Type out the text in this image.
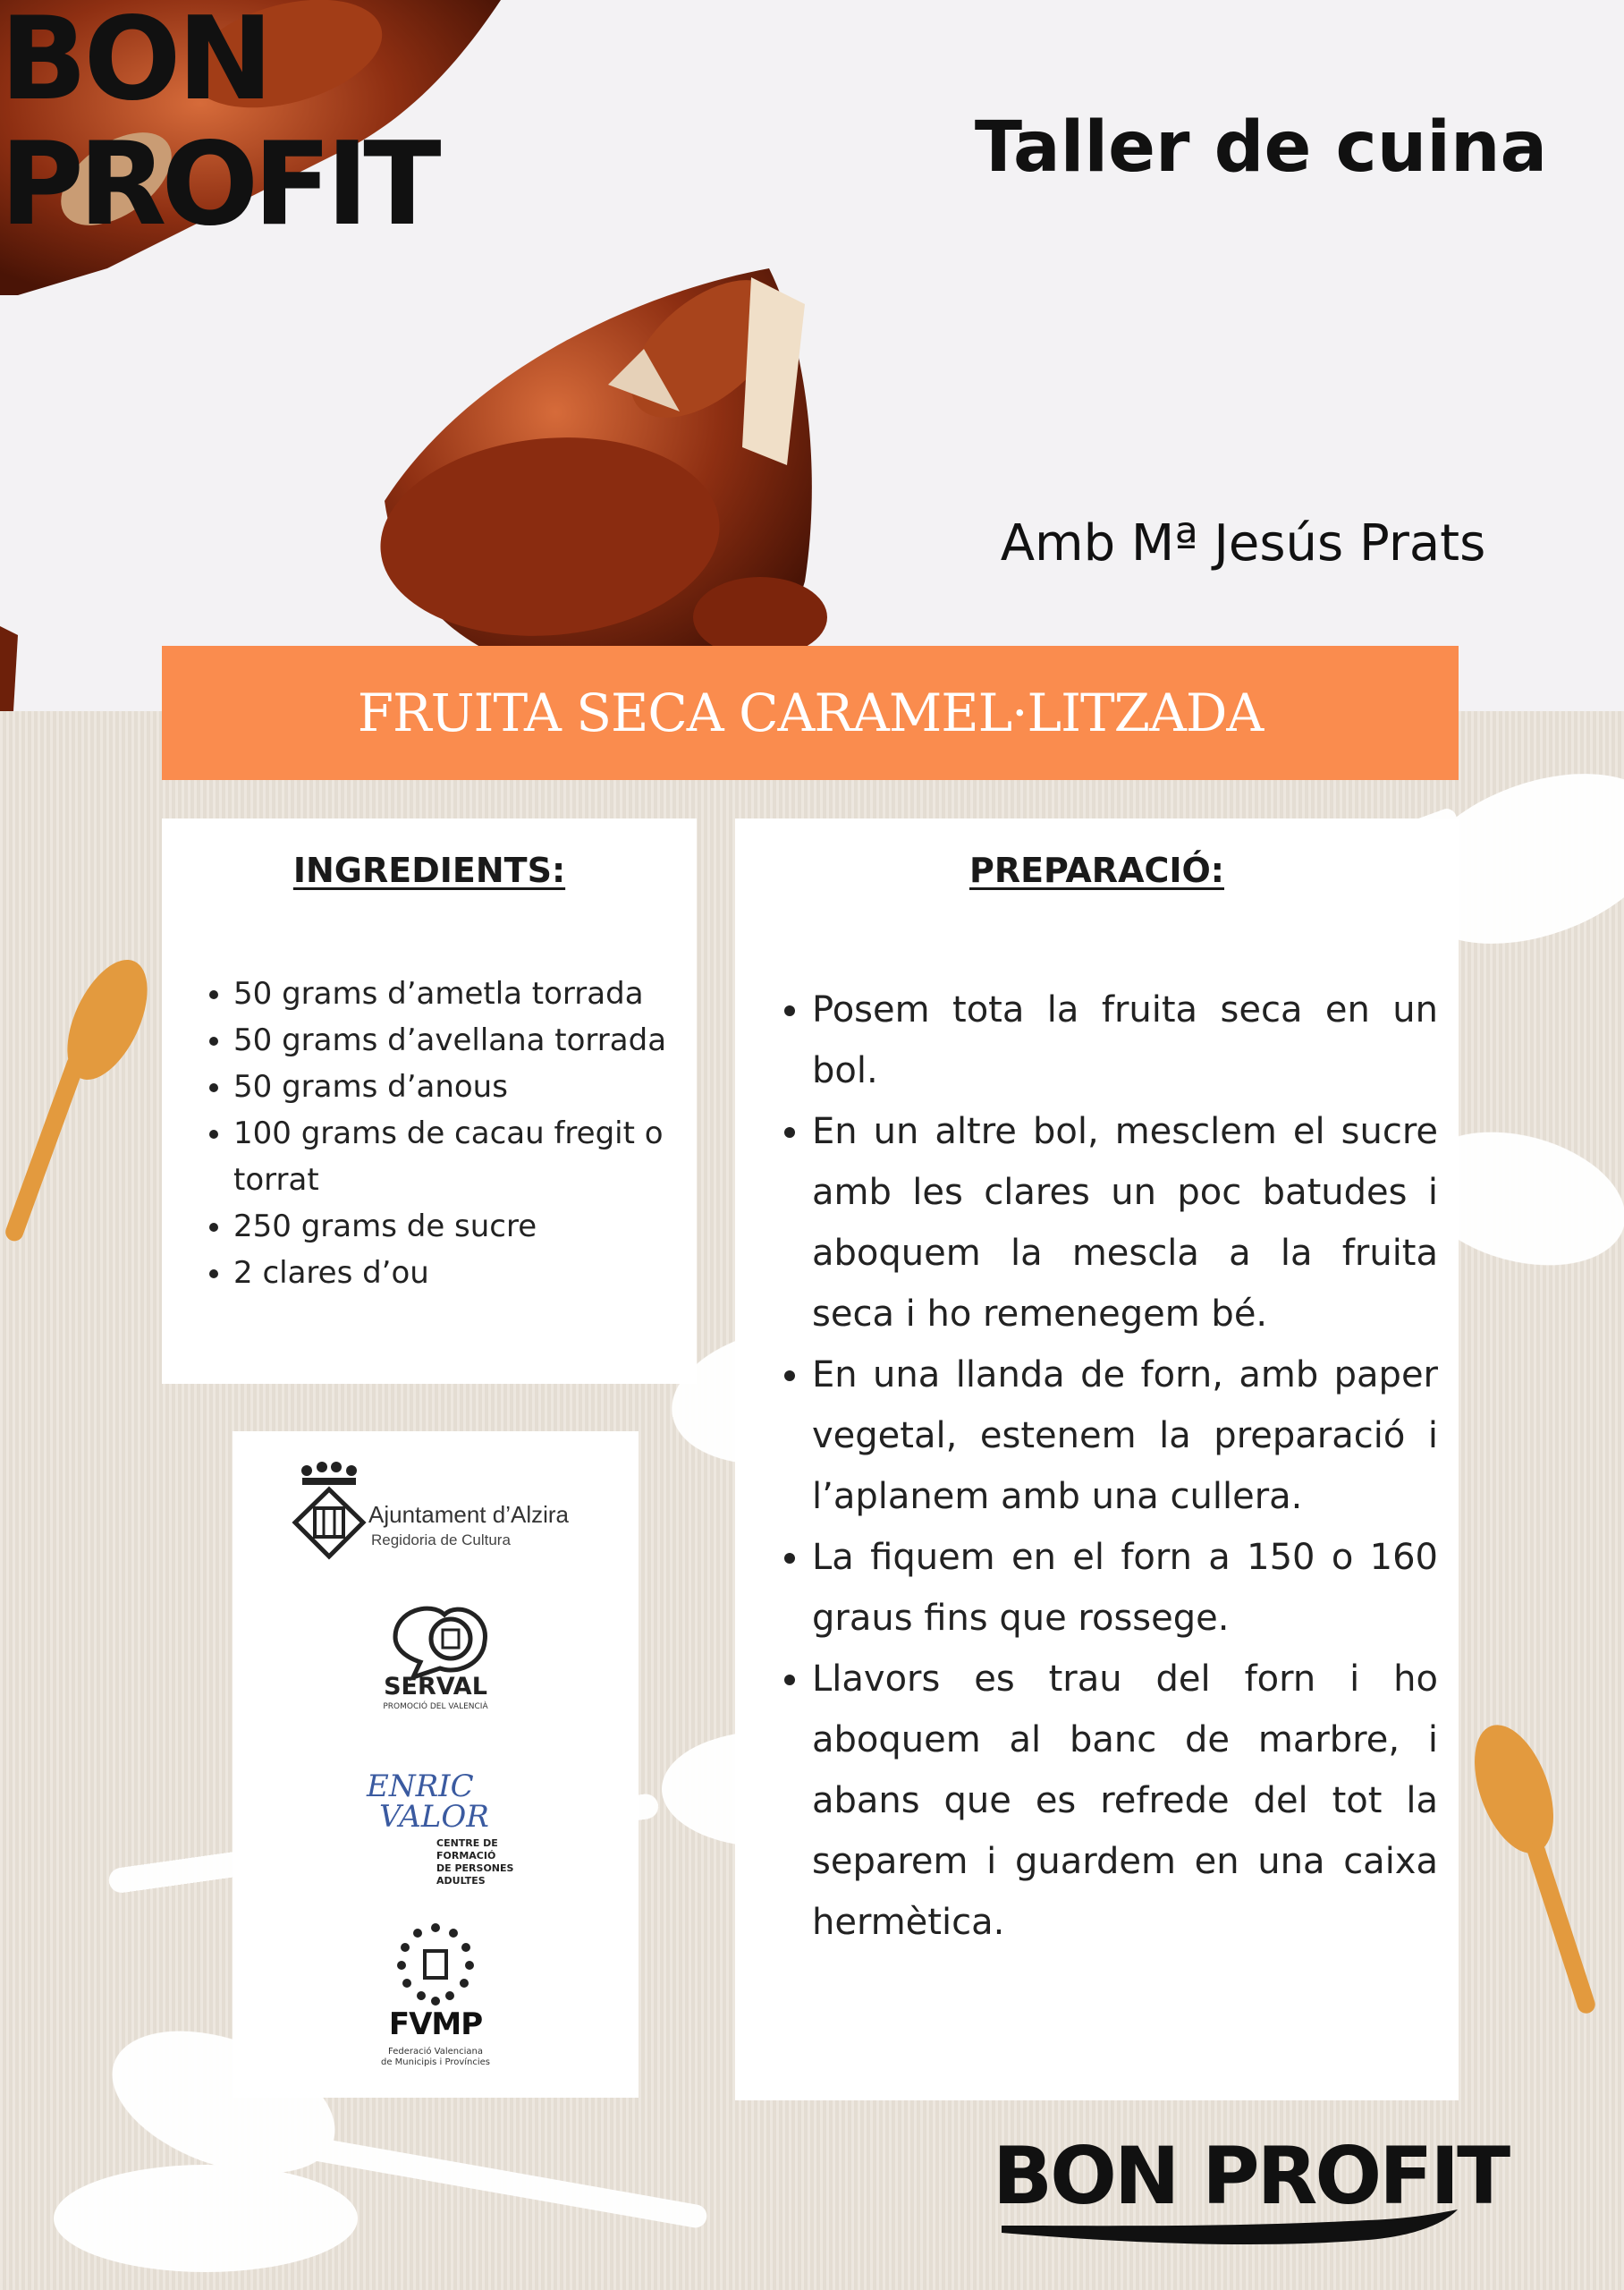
Taller de cuina
BON
PROFIT
Amb Mª Jesús Prats
FRUITA SECA CARAMEL·LITZADA
INGREDIENTS:
• 50 grams d’ametla torrada
• 50 grams d’avellana torrada
• 50 grams d’anous
• 100 grams de cacau fregit o torrat
• 250 grams de sucre
• 2 clares d’ou
PREPARACIÓ:
• Posem tota la fruita seca en un bol.
• En un altre bol, mesclem el sucre amb les clares un poc batudes i aboquem la mescla a la fruita seca i ho remenegem bé.
• En una llanda de forn, amb paper vegetal, estenem la preparació i l’aplanem amb una cullera.
• La fiquem en el forn a 150 o 160 graus fins que rossege.
• Llavors es trau del forn i ho aboquem al banc de marbre, i abans que es refrede del tot la separem i guardem en una caixa hermètica.
Ajuntament d’Alzira
Regidoria de Cultura
SERVAL
PROMOCIÓ DEL VALENCIÀ
ENRIC
VALOR
CENTRE DE
FORMACIÓ
DE PERSONES
ADULTES
FVMP
Federació Valenciana
de Municipis i Províncies
BON PROFIT
